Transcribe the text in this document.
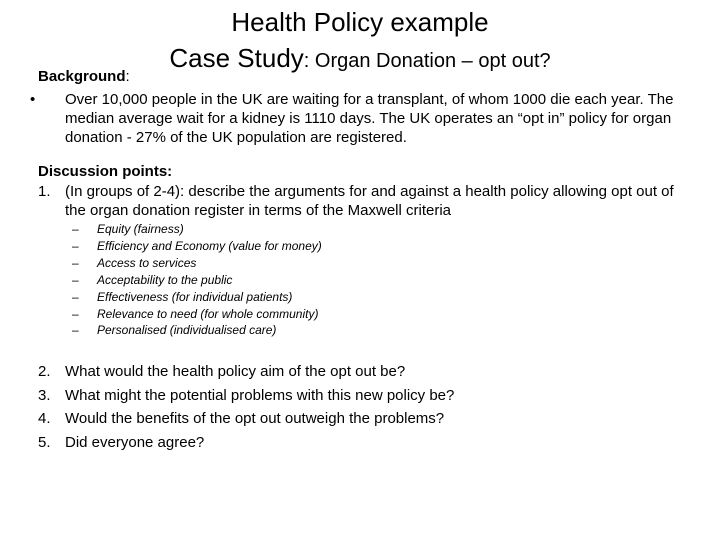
Health Policy example
Case Study: Organ Donation – opt out?
Background:
• Over 10,000 people in the UK are waiting for a transplant, of whom 1000 die each year. The median average wait for a kidney is 1110 days. The UK operates an “opt in” policy for organ donation - 27% of the UK population are registered.
Discussion points:
1. (In groups of 2-4): describe the arguments for and against a health policy allowing opt out of the organ donation register in terms of the Maxwell criteria
– Equity (fairness)
– Efficiency and Economy (value for money)
– Access to services
– Acceptability to the public
– Effectiveness (for individual patients)
– Relevance to need (for whole community)
– Personalised (individualised care)
2. What would the health policy aim of the opt out be?
3. What might the potential problems with this new policy be?
4. Would the benefits of the opt out outweigh the problems?
5. Did everyone agree?
